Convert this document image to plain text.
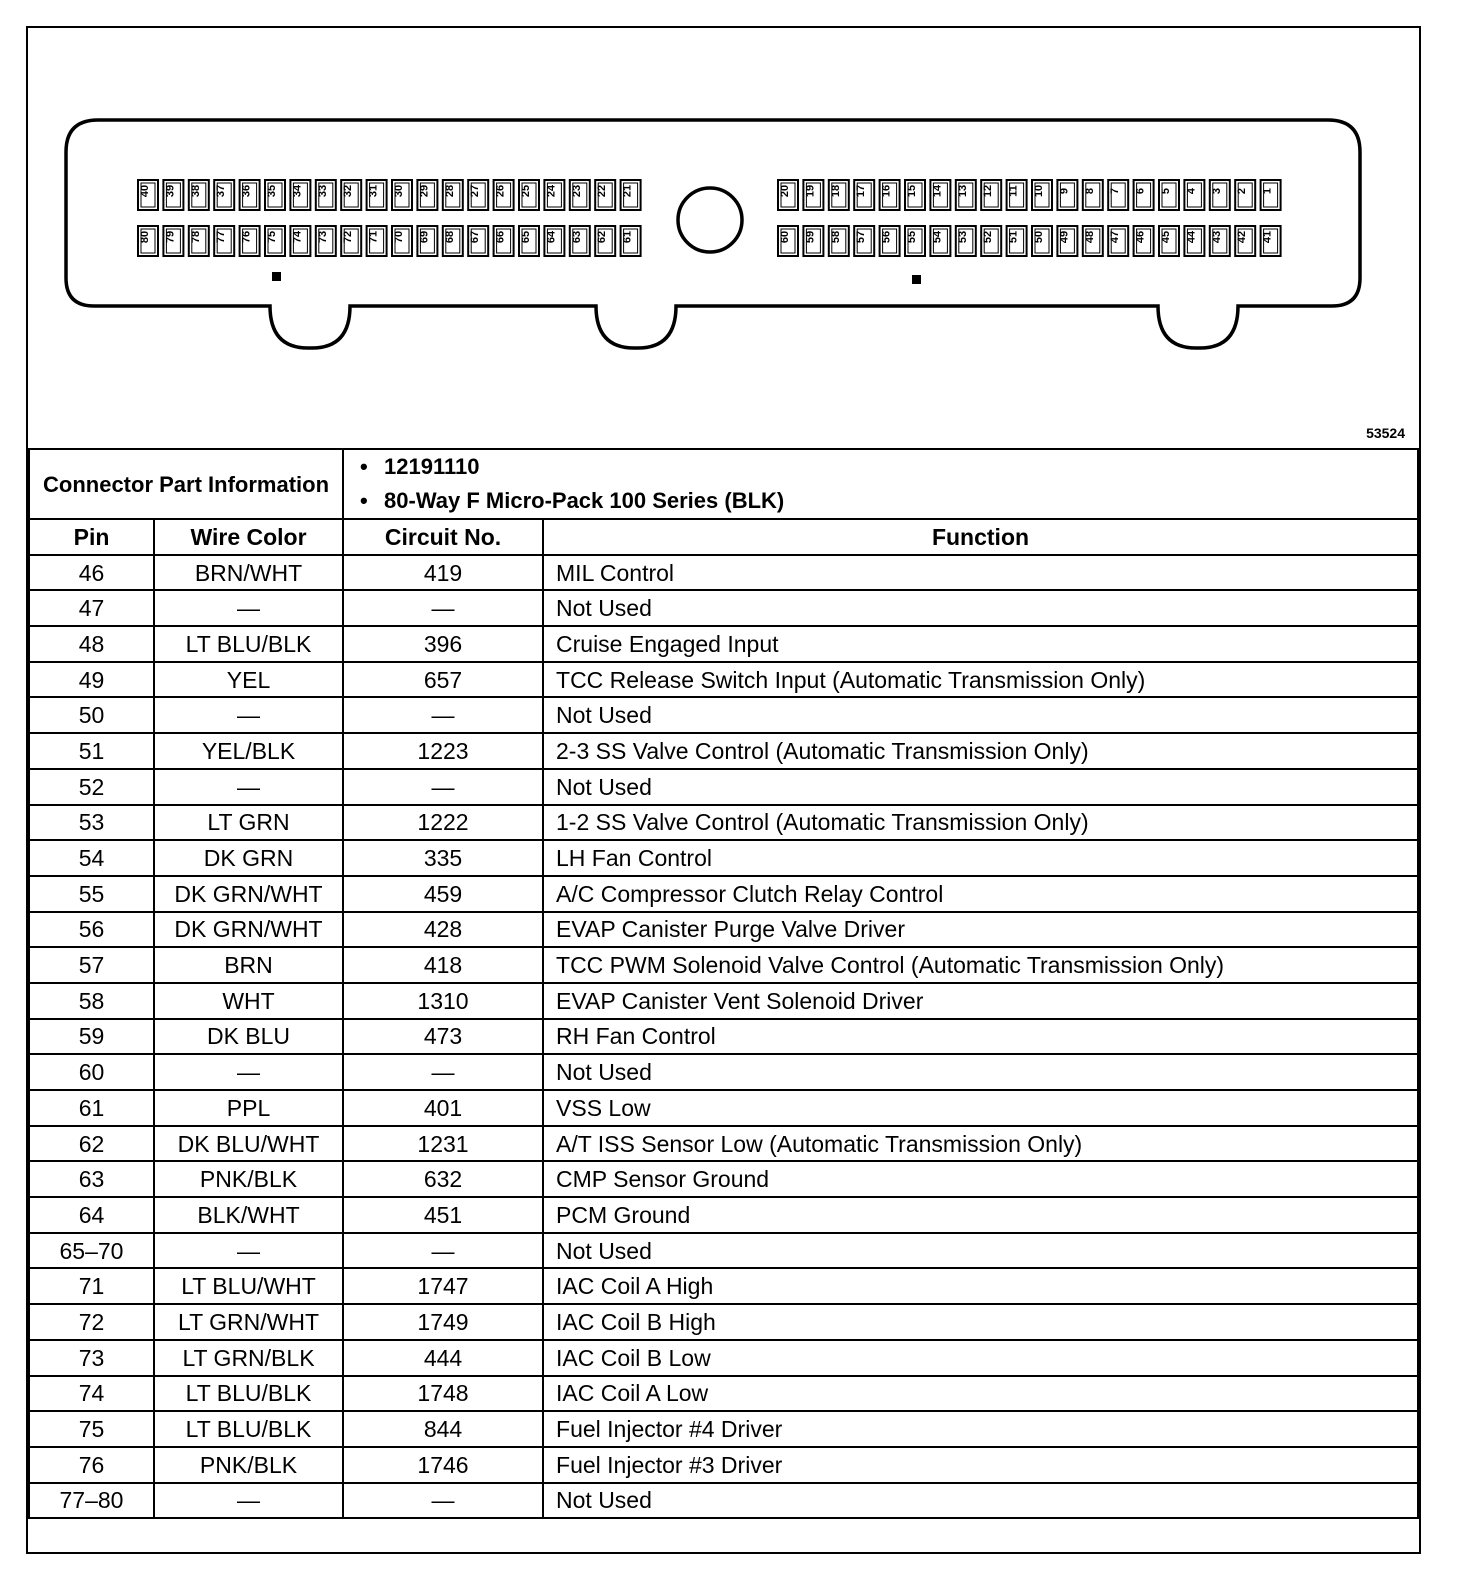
40 39 38 37 36 35 34 33 32 31 30 29 28 27 26 25 24 23 22 21
80 79 78 77 76 75 74 73 72 71 70 69 68 67 66 65 64 63 62 61
20 19 18 17 16 15 14 13 12 11 10 9 8 7 6 5 4 3 2 1
60 59 58 57 56 55 54 53 52 51 50 49 48 47 46 45 44 43 42 41
53524
Connector Part Information		• 12191110
• 80-Way F Micro-Pack 100 Series (BLK)

Pin	Wire Color	Circuit No.	Function
46	BRN/WHT	419	MIL Control
47	—	—	Not Used
48	LT BLU/BLK	396	Cruise Engaged Input
49	YEL	657	TCC Release Switch Input (Automatic Transmission Only)
50	—	—	Not Used
51	YEL/BLK	1223	2-3 SS Valve Control (Automatic Transmission Only)
52	—	—	Not Used
53	LT GRN	1222	1-2 SS Valve Control (Automatic Transmission Only)
54	DK GRN	335	LH Fan Control
55	DK GRN/WHT	459	A/C Compressor Clutch Relay Control
56	DK GRN/WHT	428	EVAP Canister Purge Valve Driver
57	BRN	418	TCC PWM Solenoid Valve Control (Automatic Transmission Only)
58	WHT	1310	EVAP Canister Vent Solenoid Driver
59	DK BLU	473	RH Fan Control
60	—	—	Not Used
61	PPL	401	VSS Low
62	DK BLU/WHT	1231	A/T ISS Sensor Low (Automatic Transmission Only)
63	PNK/BLK	632	CMP Sensor Ground
64	BLK/WHT	451	PCM Ground
65–70	—	—	Not Used
71	LT BLU/WHT	1747	IAC Coil A High
72	LT GRN/WHT	1749	IAC Coil B High
73	LT GRN/BLK	444	IAC Coil B Low
74	LT BLU/BLK	1748	IAC Coil A Low
75	LT BLU/BLK	844	Fuel Injector #4 Driver
76	PNK/BLK	1746	Fuel Injector #3 Driver
77–80	—	—	Not Used
